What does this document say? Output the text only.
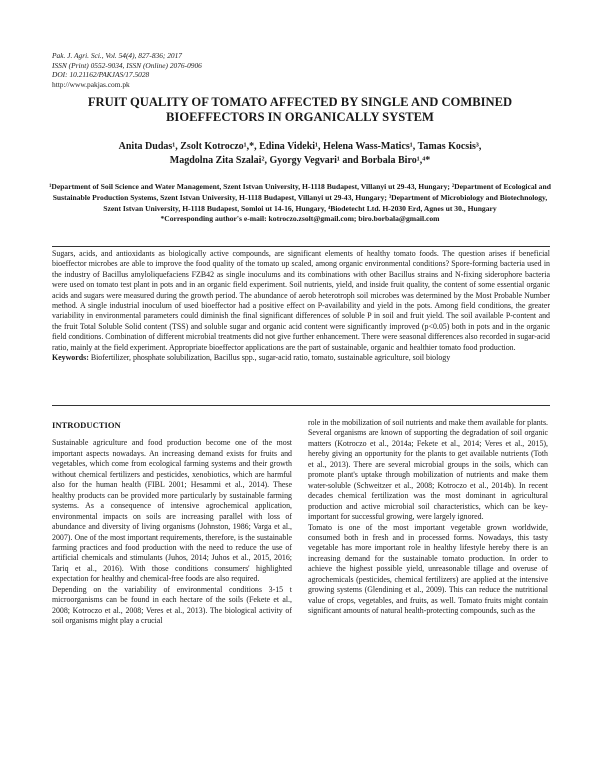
Pak. J. Agri. Sci., Vol. 54(4), 827-836; 2017
ISSN (Print) 0552-9034, ISSN (Online) 2076-0906
DOI: 10.21162/PAKJAS/17.5028
http://www.pakjas.com.pk
FRUIT QUALITY OF TOMATO AFFECTED BY SINGLE AND COMBINED BIOEFFECTORS IN ORGANICALLY SYSTEM
Anita Dudas¹, Zsolt Kotroczo¹,*, Edina Videki¹, Helena Wass-Matics¹, Tamas Kocsis³,
Magdolna Zita Szalai², Gyorgy Vegvari¹ and Borbala Biro¹,⁴*
¹Department of Soil Science and Water Management, Szent Istvan University, H-1118 Budapest, Villanyi ut 29-43, Hungary; ²Department of Ecological and Sustainable Production Systems, Szent Istvan University, H-1118 Budapest, Villanyi ut 29-43, Hungary; ³Department of Microbiology and Biotechnology, Szent Istvan University, H-1118 Budapest, Somloi ut 14-16, Hungary, ⁴Biodetecht Ltd. H-2030 Erd, Agnes ut 30., Hungary
*Corresponding author's e-mail: kotroczo.zsolt@gmail.com; biro.borbala@gmail.com

Sugars, acids, and antioxidants as biologically active compounds, are significant elements of healthy tomato foods. The question arises if beneficial bioeffector microbes are able to improve the food quality of the tomato up scaled, among organic environmental conditions? Spore-forming bacteria used in the industry of Bacillus amyloliquefaciens FZB42 as single inoculums and its combinations with other Bacillus strains and N-fixing siderophore bacteria were used on tomato test plant in pots and in an organic field experiment. Soil nutrients, yield, and inside fruit quality, the content of some essential organic acids and sugars were measured during the growth period. The abundance of aerob heterotroph soil microbes was determined by the Most Probable Number method. A single industrial inoculum of used bioeffector had a positive effect on P-availability and yield in the pots. Among field conditions, the greater variability in environmental parameters could diminish the final significant differences of soluble P in soil and fruit yield. The soil available P-content and the fruit Total Soluble Solid content (TSS) and soluble sugar and organic acid content were significantly improved (p<0.05) both in pots and in the organic field conditions. Combination of different microbial treatments did not give further enhancement. There were seasonal differences also recorded in sugar-acid ratio, mainly at the field experiment. Appropriate bioeffector applications are the part of sustainable, organic and healthier tomato food production.

Keywords: Biofertilizer, phosphate solubilization, Bacillus spp., sugar-acid ratio, tomato, sustainable agriculture, soil biology

INTRODUCTION

Sustainable agriculture and food production become one of the most important aspects nowadays. An increasing demand exists for fruits and vegetables, which come from ecological farming systems and their growth without chemical fertilizers and pesticides, xenobiotics, which are harmful also for the human health (FIBL 2001; Hesammi et al., 2014). These healthy products can be provided more particularly by sustainable farming systems. As a consequence of intensive agrochemical application, environmental impacts on soils are increasing parallel with loss of abundance and diversity of living organisms (Johnston, 1986; Varga et al., 2007). One of the most important requirements, therefore, is the sustainable farming practices and food production with the need to reduce the use of artificial chemicals and stimulants (Juhos, 2014; Juhos et al., 2015, 2016; Tariq et al., 2016). With those conditions consumers' highlighted expectation for healthy and chemical-free foods are also required.

Depending on the variability of environmental conditions 3-15 t microorganisms can be found in each hectare of the soils (Fekete et al., 2008; Kotroczo et al., 2008; Veres et al., 2013). The biological activity of soil organisms might play a crucial

role in the mobilization of soil nutrients and make them available for plants. Several organisms are known of supporting the degradation of soil organic matters (Kotroczo et al., 2014a; Fekete et al., 2014; Veres et al., 2015), hereby giving an opportunity for the plants to get available nutrients (Toth et al., 2013). There are several microbial groups in the soils, which can promote plant's uptake through mobilization of nutrients and make them water-soluble (Schweitzer et al., 2008; Kotroczo et al., 2014b). In recent decades chemical fertilization was the most dominant in agricultural production and active microbial soil characteristics, which can be key-important for successful growing, were largely ignored.

Tomato is one of the most important vegetable grown worldwide, consumed both in fresh and in processed forms. Nowadays, this tasty vegetable has more important role in healthy lifestyle hereby there is an increasing demand for the sustainable tomato production. In order to achieve the highest possible yield, unreasonable tillage and overuse of agrochemicals (pesticides, chemical fertilizers) are applied at the intensive growing systems (Glendining et al., 2009). This can reduce the nutritional value of crops, vegetables, and fruits, as well. Tomato fruits might contain significant amounts of natural health-protecting compounds, such as the
